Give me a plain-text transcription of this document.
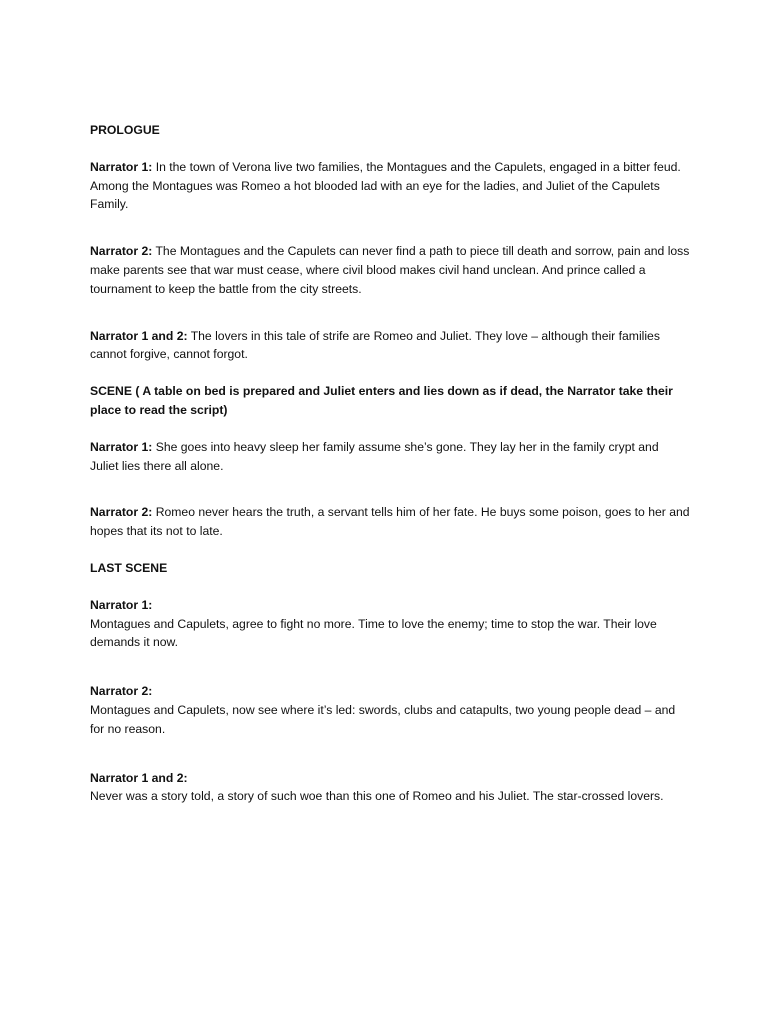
PROLOGUE

Narrator 1: In the town of Verona live two families, the Montagues and the Capulets, engaged in a bitter feud. Among the Montagues was Romeo a hot blooded lad with an eye for the ladies, and Juliet of the Capulets Family.

Narrator 2: The Montagues and the Capulets can never find a path to piece till death and sorrow, pain and loss make parents see that war must cease, where civil blood makes civil hand unclean. And prince called a tournament to keep the battle from the city streets.

Narrator 1 and 2: The lovers in this tale of strife are Romeo and Juliet. They love – although their families cannot forgive, cannot forgot.

SCENE ( A table on bed is prepared and Juliet enters and lies down as if dead, the Narrator take their place to read the script)

Narrator 1: She goes into heavy sleep her family assume she’s gone. They lay her in the family crypt and Juliet lies there all alone.

Narrator 2: Romeo never hears the truth, a servant tells him of her fate. He buys some poison, goes to her and hopes that its not to late.

LAST SCENE

Narrator 1:

Montagues and Capulets, agree to fight no more. Time to love the enemy; time to stop the war. Their love demands it now.

Narrator 2:

Montagues and Capulets, now see where it’s led: swords, clubs and catapults, two young people dead – and for no reason.

Narrator 1 and 2:

Never was a story told, a story of such woe than this one of Romeo and his Juliet. The star-crossed lovers.
